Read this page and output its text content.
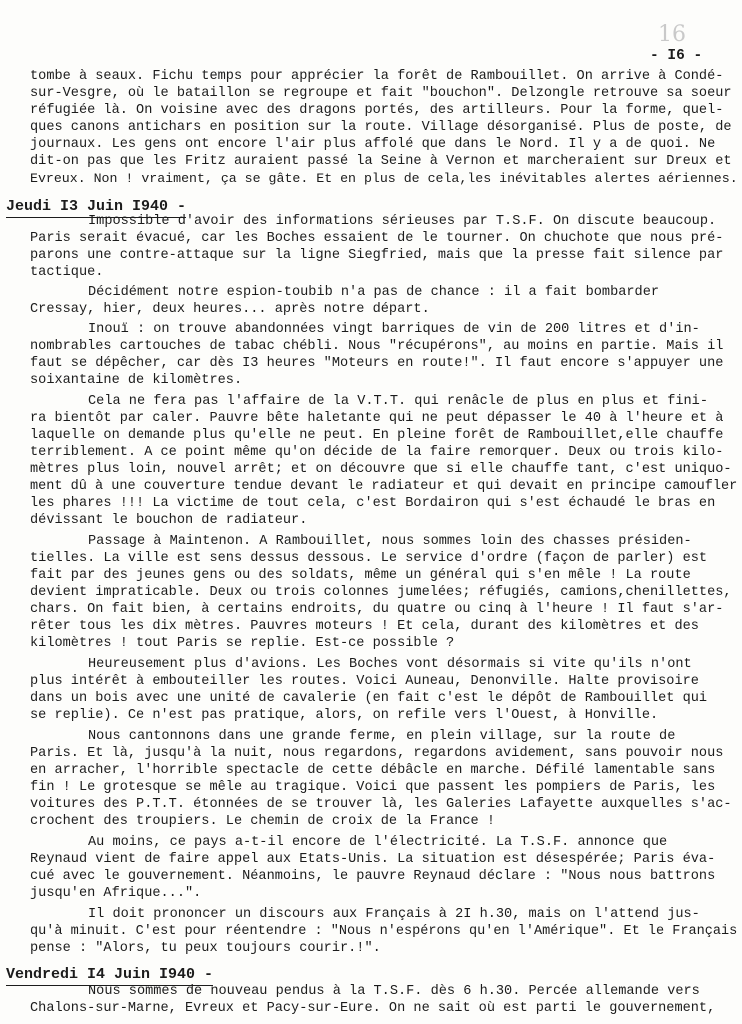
16
- I6 -
tombe à seaux. Fichu temps pour apprécier la forêt de Rambouillet. On arrive à Condé-
sur-Vesgre, où le bataillon se regroupe et fait "bouchon". Delzongle retrouve sa soeur
réfugiée là. On voisine avec des dragons portés, des artilleurs. Pour la forme, quel-
ques canons antichars en position sur la route. Village désorganisé. Plus de poste, de
journaux. Les gens ont encore l'air plus affolé que dans le Nord. Il y a de quoi. Ne
dit-on pas que les Fritz auraient passé la Seine à Vernon et marcheraient sur Dreux et
Evreux. Non ! vraiment, ça se gâte. Et en plus de cela,les inévitables alertes aériennes.
Jeudi I3 Juin I940 -
Impossible d'avoir des informations sérieuses par T.S.F. On discute beaucoup.
Paris serait évacué, car les Boches essaient de le tourner. On chuchote que nous pré-
parons une contre-attaque sur la ligne Siegfried, mais que la presse fait silence par
tactique.
Décidément notre espion-toubib n'a pas de chance : il a fait bombarder
Cressay, hier, deux heures... après notre départ.
Inouï : on trouve abandonnées vingt barriques de vin de 200 litres et d'in-
nombrables cartouches de tabac chébli. Nous "récupérons", au moins en partie. Mais il
faut se dépêcher, car dès I3 heures "Moteurs en route!". Il faut encore s'appuyer une
soixantaine de kilomètres.
Cela ne fera pas l'affaire de la V.T.T. qui renâcle de plus en plus et fini-
ra bientôt par caler. Pauvre bête haletante qui ne peut dépasser le 40 à l'heure et à
laquelle on demande plus qu'elle ne peut. En pleine forêt de Rambouillet,elle chauffe
terriblement. A ce point même qu'on décide de la faire remorquer. Deux ou trois kilo-
mètres plus loin, nouvel arrêt; et on découvre que si elle chauffe tant, c'est uniquo-
ment dû à une couverture tendue devant le radiateur et qui devait en principe camoufler
les phares !!! La victime de tout cela, c'est Bordairon qui s'est échaudé le bras en
dévissant le bouchon de radiateur.
Passage à Maintenon. A Rambouillet, nous sommes loin des chasses présiden-
tielles. La ville est sens dessus dessous. Le service d'ordre (façon de parler) est
fait par des jeunes gens ou des soldats, même un général qui s'en mêle ! La route
devient impraticable. Deux ou trois colonnes jumelées; réfugiés, camions,chenillettes,
chars. On fait bien, à certains endroits, du quatre ou cinq à l'heure ! Il faut s'ar-
rêter tous les dix mètres. Pauvres moteurs ! Et cela, durant des kilomètres et des
kilomètres ! tout Paris se replie. Est-ce possible ?
Heureusement plus d'avions. Les Boches vont désormais si vite qu'ils n'ont
plus intérêt à embouteiller les routes. Voici Auneau, Denonville. Halte provisoire
dans un bois avec une unité de cavalerie (en fait c'est le dépôt de Rambouillet qui
se replie). Ce n'est pas pratique, alors, on refile vers l'Ouest, à Honville.
Nous cantonnons dans une grande ferme, en plein village, sur la route de
Paris. Et là, jusqu'à la nuit, nous regardons, regardons avidement, sans pouvoir nous
en arracher, l'horrible spectacle de cette débâcle en marche. Défilé lamentable sans
fin ! Le grotesque se mêle au tragique. Voici que passent les pompiers de Paris, les
voitures des P.T.T. étonnées de se trouver là, les Galeries Lafayette auxquelles s'ac-
crochent des troupiers. Le chemin de croix de la France !
Au moins, ce pays a-t-il encore de l'électricité. La T.S.F. annonce que
Reynaud vient de faire appel aux Etats-Unis. La situation est désespérée; Paris éva-
cué avec le gouvernement. Néanmoins, le pauvre Reynaud déclare : "Nous nous battrons
jusqu'en Afrique...".
Il doit prononcer un discours aux Français à 2I h.30, mais on l'attend jus-
qu'à minuit. C'est pour réentendre : "Nous n'espérons qu'en l'Amérique". Et le Français
pense : "Alors, tu peux toujours courir.!".
Vendredi I4 Juin I940 -
Nous sommes de nouveau pendus à la T.S.F. dès 6 h.30. Percée allemande vers
Chalons-sur-Marne, Evreux et Pacy-sur-Eure. On ne sait où est parti le gouvernement,
